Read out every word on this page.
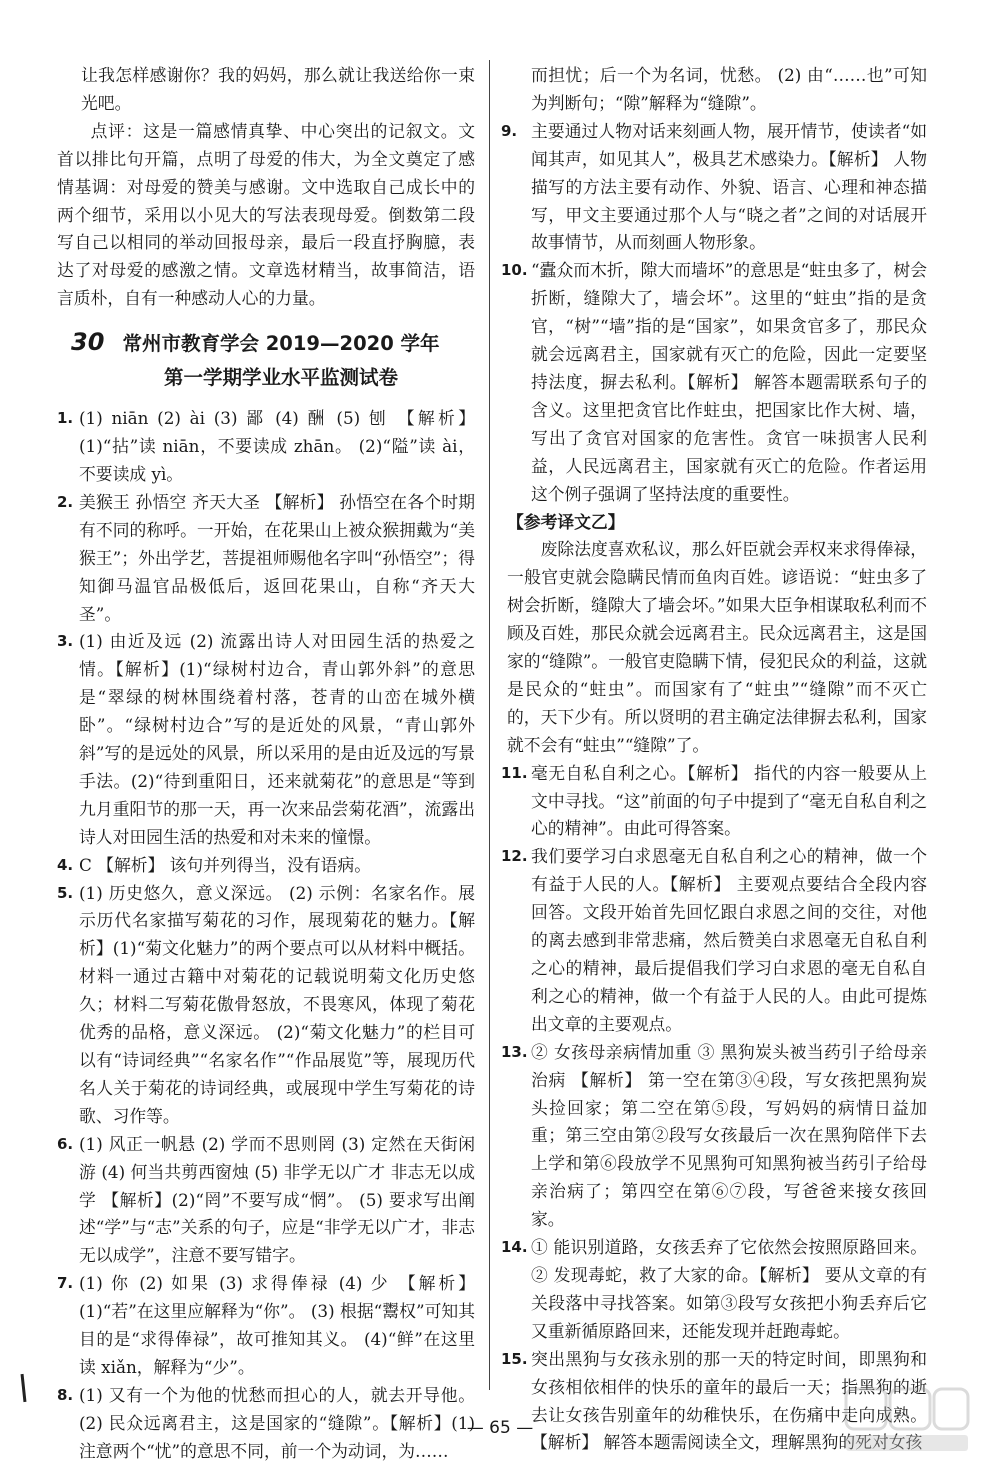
让我怎样感谢你？我的妈妈，那么就让我送给你一束光吧。

点评：这是一篇感情真挚、中心突出的记叙文。文首以排比句开篇，点明了母爱的伟大，为全文奠定了感情基调：对母爱的赞美与感谢。文中选取自己成长中的两个细节，采用以小见大的写法表现母爱。倒数第二段写自己以相同的举动回报母亲，最后一段直抒胸臆，表达了对母爱的感激之情。文章选材精当，故事简洁，语言质朴，自有一种感动人心的力量。

30 常州市教育学会 2019—2020 学年
第一学期学业水平监测试卷

1. (1) niān (2) ài (3) 鄙 (4) 酬 (5) 刨 【解析】(1)“拈”读 niān，不要读成 zhān。 (2)“隘”读 ài，不要读成 yì。

2. 美猴王 孙悟空 齐天大圣 【解析】 孙悟空在各个时期有不同的称呼。一开始，在花果山上被众猴拥戴为“美猴王”；外出学艺，菩提祖师赐他名字叫“孙悟空”；得知御马温官品极低后，返回花果山，自称“齐天大圣”。

3. (1) 由近及远 (2) 流露出诗人对田园生活的热爱之情。【解析】(1)“绿树村边合，青山郭外斜”的意思是“翠绿的树林围绕着村落，苍青的山峦在城外横卧”。“绿树村边合”写的是近处的风景，“青山郭外斜”写的是远处的风景，所以采用的是由近及远的写景手法。(2)“待到重阳日，还来就菊花”的意思是“等到九月重阳节的那一天，再一次来品尝菊花酒”，流露出诗人对田园生活的热爱和对未来的憧憬。

4. C 【解析】 该句并列得当，没有语病。

5. (1) 历史悠久，意义深远。 (2) 示例：名家名作。展示历代名家描写菊花的习作，展现菊花的魅力。【解析】(1)“菊文化魅力”的两个要点可以从材料中概括。材料一通过古籍中对菊花的记载说明菊文化历史悠久；材料二写菊花傲骨怒放，不畏寒风，体现了菊花优秀的品格，意义深远。 (2)“菊文化魅力”的栏目可以有“诗词经典”“名家名作”“作品展览”等，展现历代名人关于菊花的诗词经典，或展现中学生写菊花的诗歌、习作等。

6. (1) 风正一帆悬 (2) 学而不思则罔 (3) 定然在天街闲游 (4) 何当共剪西窗烛 (5) 非学无以广才 非志无以成学 【解析】(2)“罔”不要写成“惘”。 (5) 要求写出阐述“学”与“志”关系的句子，应是“非学无以广才，非志无以成学”，注意不要写错字。

7. (1) 你 (2) 如果 (3) 求得俸禄 (4) 少 【解析】(1)“若”在这里应解释为“你”。 (3) 根据“鬻权”可知其目的是“求得俸禄”，故可推知其义。 (4)“鲜”在这里读 xiǎn，解释为“少”。

8. (1) 又有一个为他的忧愁而担心的人，就去开导他。(2) 民众远离君主，这是国家的“缝隙”。【解析】(1) 注意两个“忧”的意思不同，前一个为动词，为……

而担忧；后一个为名词，忧愁。 (2) 由“……也”可知为判断句；“隙”解释为“缝隙”。

9. 主要通过人物对话来刻画人物，展开情节，使读者“如闻其声，如见其人”，极具艺术感染力。【解析】 人物描写的方法主要有动作、外貌、语言、心理和神态描写，甲文主要通过那个人与“晓之者”之间的对话展开故事情节，从而刻画人物形象。

10. “蠹众而木折，隙大而墙坏”的意思是“蛀虫多了，树会折断，缝隙大了，墙会坏”。这里的“蛀虫”指的是贪官，“树”“墙”指的是“国家”，如果贪官多了，那民众就会远离君主，国家就有灭亡的危险，因此一定要坚持法度，摒去私利。【解析】 解答本题需联系句子的含义。这里把贪官比作蛀虫，把国家比作大树、墙，写出了贪官对国家的危害性。贪官一味损害人民利益，人民远离君主，国家就有灭亡的危险。作者运用这个例子强调了坚持法度的重要性。

【参考译文乙】

废除法度喜欢私议，那么奸臣就会弄权来求得俸禄，一般官吏就会隐瞒民情而鱼肉百姓。谚语说：“蛀虫多了树会折断，缝隙大了墙会坏。”如果大臣争相谋取私利而不顾及百姓，那民众就会远离君主。民众远离君主，这是国家的“缝隙”。一般官吏隐瞒下情，侵犯民众的利益，这就是民众的“蛀虫”。而国家有了“蛀虫”“缝隙”而不灭亡的，天下少有。所以贤明的君主确定法律摒去私利，国家就不会有“蛀虫”“缝隙”了。

11. 毫无自私自利之心。【解析】 指代的内容一般要从上文中寻找。“这”前面的句子中提到了“毫无自私自利之心的精神”。由此可得答案。

12. 我们要学习白求恩毫无自私自利之心的精神，做一个有益于人民的人。【解析】 主要观点要结合全段内容回答。文段开始首先回忆跟白求恩之间的交往，对他的离去感到非常悲痛，然后赞美白求恩毫无自私自利之心的精神，最后提倡我们学习白求恩的毫无自私自利之心的精神，做一个有益于人民的人。由此可提炼出文章的主要观点。

13. ② 女孩母亲病情加重 ③ 黑狗炭头被当药引子给母亲治病 【解析】 第一空在第③④段，写女孩把黑狗炭头捡回家；第二空在第⑤段，写妈妈的病情日益加重；第三空由第②段写女孩最后一次在黑狗陪伴下去上学和第⑥段放学不见黑狗可知黑狗被当药引子给母亲治病了；第四空在第⑥⑦段，写爸爸来接女孩回家。

14. ① 能识别道路，女孩丢弃了它依然会按照原路回来。② 发现毒蛇，救了大家的命。【解析】 要从文章的有关段落中寻找答案。如第③段写女孩把小狗丢弃后它又重新循原路回来，还能发现并赶跑毒蛇。

15. 突出黑狗与女孩永别的那一天的特定时间，即黑狗和女孩相依相伴的快乐的童年的最后一天；指黑狗的逝去让女孩告别童年的幼稚快乐，在伤痛中走向成熟。【解析】 解答本题需阅读全文，理解黑狗的死对女孩

— 65 —
